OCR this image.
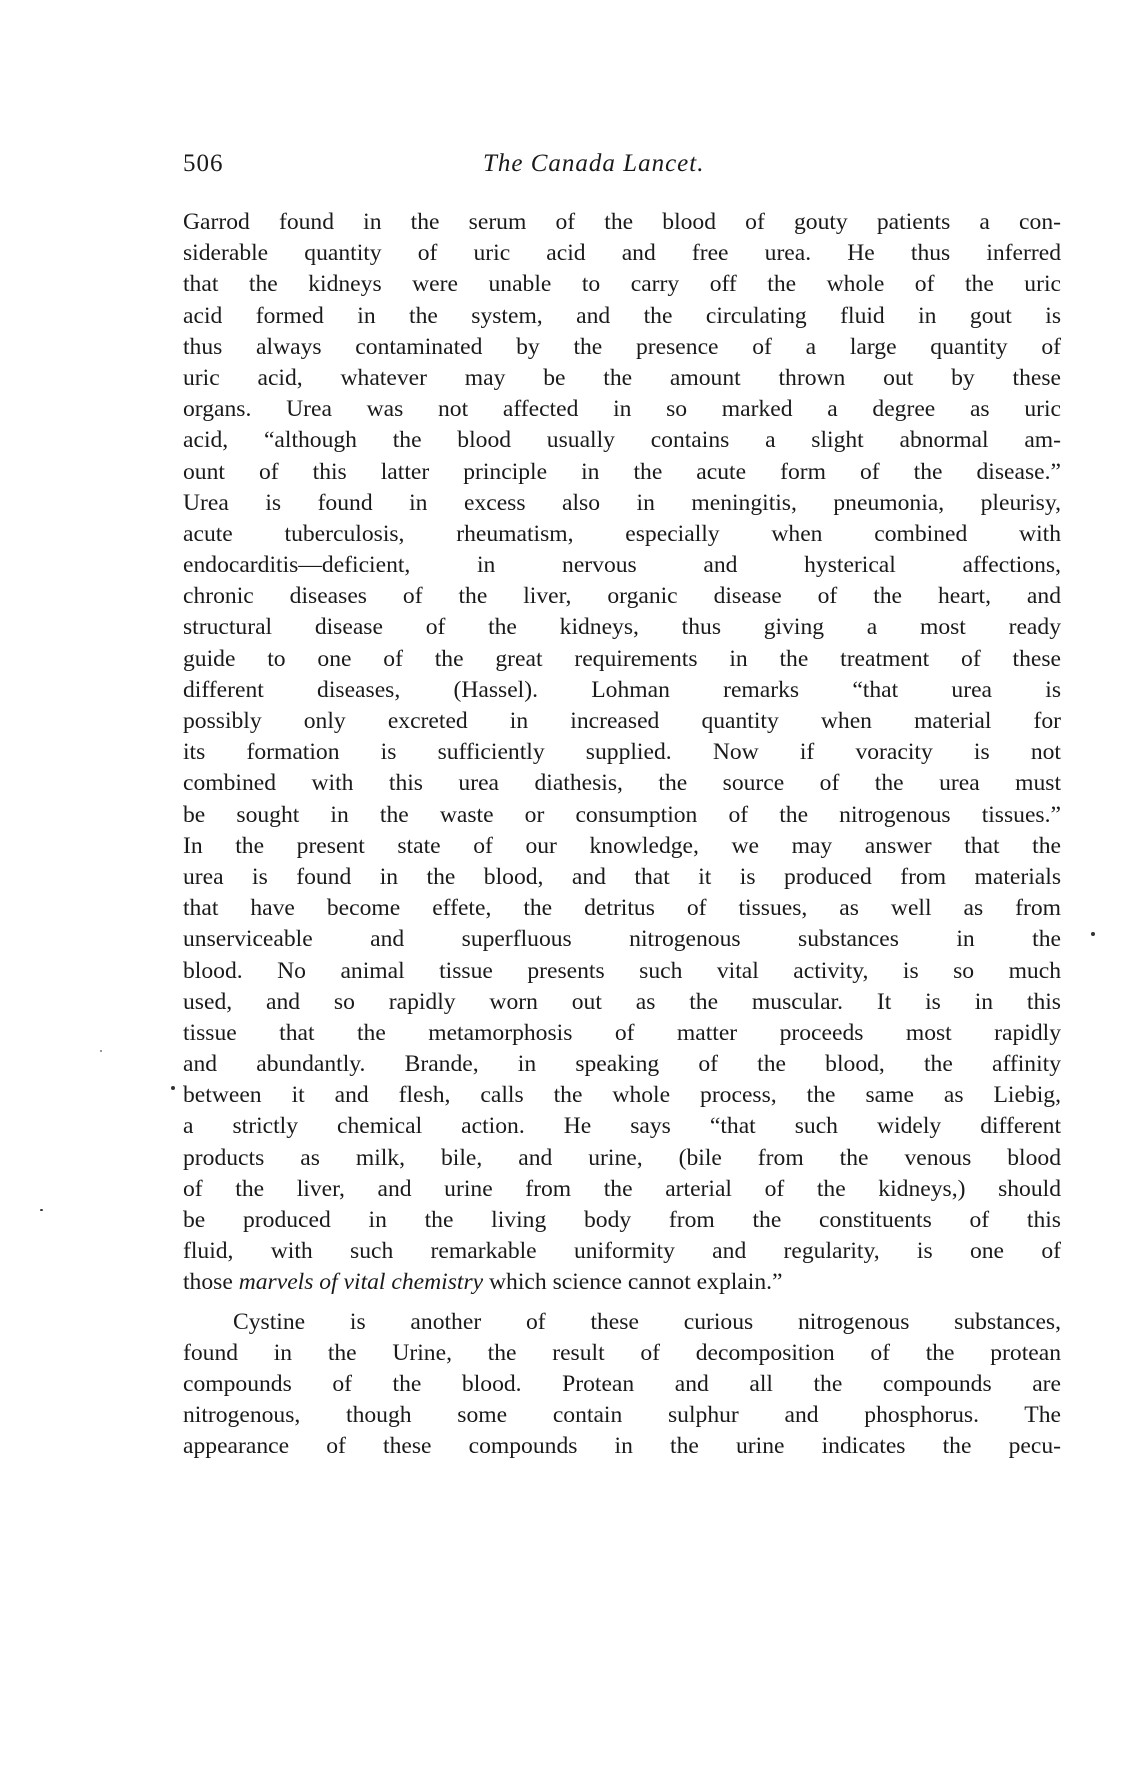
506	The Canada Lancet.
Garrod found in the serum of the blood of gouty patients a con-
siderable quantity of uric acid and free urea. He thus inferred
that the kidneys were unable to carry off the whole of the uric
acid formed in the system, and the circulating fluid in gout is
thus always contaminated by the presence of a large quantity of
uric acid, whatever may be the amount thrown out by these
organs. Urea was not affected in so marked a degree as uric
acid, “although the blood usually contains a slight abnormal am-
ount of this latter principle in the acute form of the disease.”
Urea is found in excess also in meningitis, pneumonia, pleurisy,
acute tuberculosis, rheumatism, especially when combined with
endocarditis—deficient, in nervous and hysterical affections,
chronic diseases of the liver, organic disease of the heart, and
structural disease of the kidneys, thus giving a most ready
guide to one of the great requirements in the treatment of these
different diseases, (Hassel). Lohman remarks “that urea is
possibly only excreted in increased quantity when material for
its formation is sufficiently supplied. Now if voracity is not
combined with this urea diathesis, the source of the urea must
be sought in the waste or consumption of the nitrogenous tissues.”
In the present state of our knowledge, we may answer that the
urea is found in the blood, and that it is produced from materials
that have become effete, the detritus of tissues, as well as from
unserviceable and superfluous nitrogenous substances in the
blood. No animal tissue presents such vital activity, is so much
used, and so rapidly worn out as the muscular. It is in this
tissue that the metamorphosis of matter proceeds most rapidly
and abundantly. Brande, in speaking of the blood, the affinity
between it and flesh, calls the whole process, the same as Liebig,
a strictly chemical action. He says “that such widely different
products as milk, bile, and urine, (bile from the venous blood
of the liver, and urine from the arterial of the kidneys,) should
be produced in the living body from the constituents of this
fluid, with such remarkable uniformity and regularity, is one of
those marvels of vital chemistry which science cannot explain.”
Cystine is another of these curious nitrogenous substances,
found in the Urine, the result of decomposition of the protean
compounds of the blood. Protean and all the compounds are
nitrogenous, though some contain sulphur and phosphorus. The
appearance of these compounds in the urine indicates the pecu-
